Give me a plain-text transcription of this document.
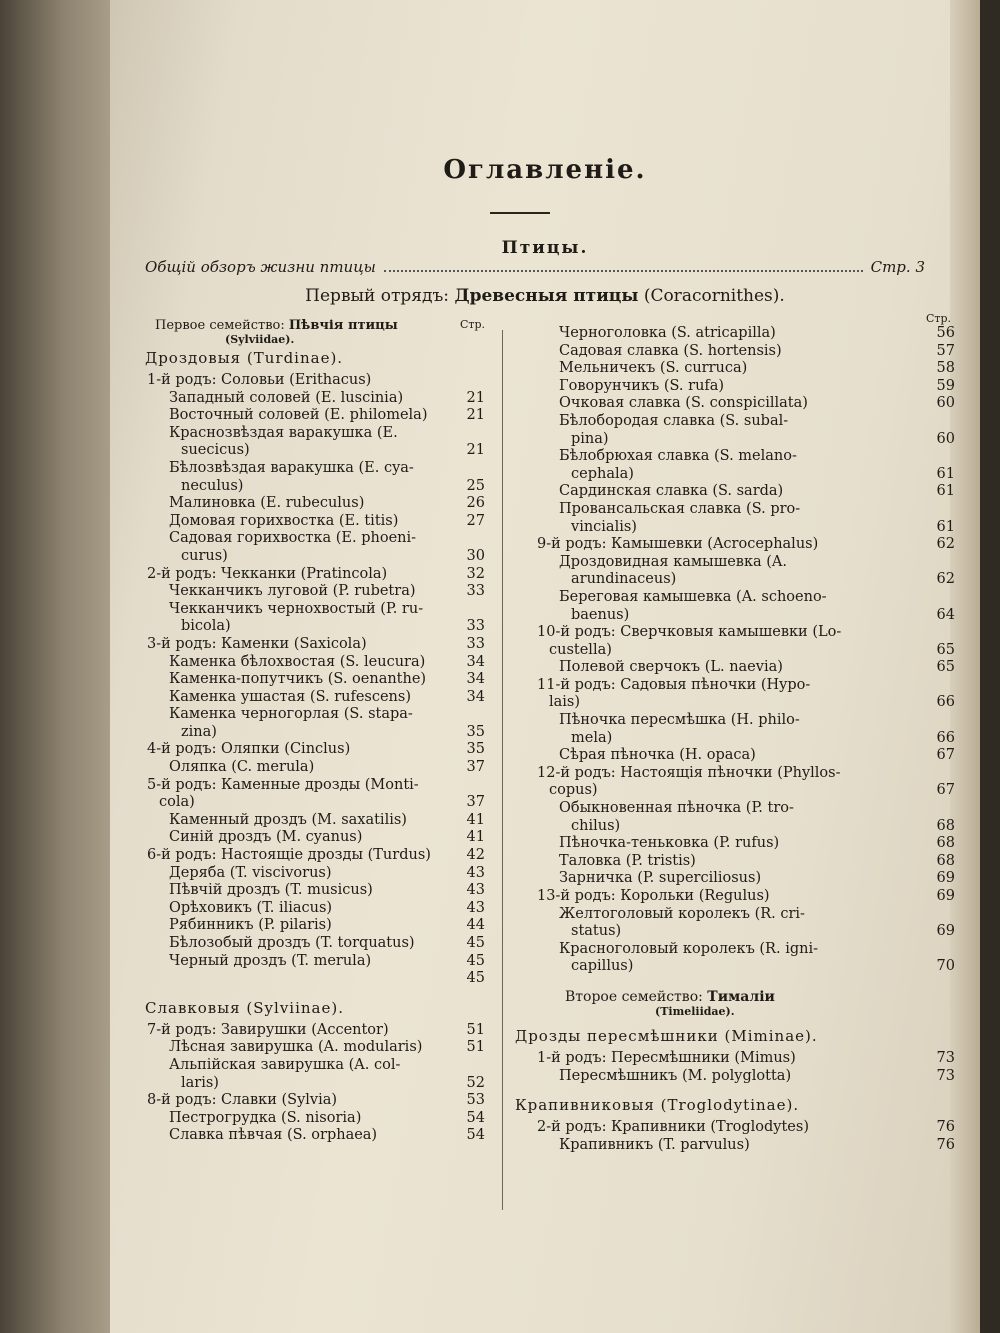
Оглавленіе.
Птицы.
Общій обзоръ жизни птицы	Стр. 3
Первый отрядъ: Древесныя птицы (Coracornithes).
Первое семейство: Пѣвчія птицы
(Sylviidae).
Стр.
Дроздовыя (Turdinae).
1-й родъ: Соловьи (Erithacus)
Западный соловей (E. luscinia)	21
Восточный соловей (E. philomela)	21
Краснозвѣздая варакушка (E.
suecicus)	21
Бѣлозвѣздая варакушка (E. cya-
neculus)	25
Малиновка (E. rubeculus)	26
Домовая горихвостка (E. titis)	27
Садовая горихвостка (E. phoeni-
curus)	30
2-й родъ: Чекканки (Pratincola)	32
Чекканчикъ луговой (P. rubetra)	33
Чекканчикъ чернохвостый (P. ru-
bicola)	33
3-й родъ: Каменки (Saxicola)	33
Каменка бѣлохвостая (S. leucura)	34
Каменка-попутчикъ (S. oenanthe)	34
Каменка ушастая (S. rufescens)	34
Каменка черногорлая (S. stapa-
zina)	35
4-й родъ: Оляпки (Cinclus)	35
Оляпка (C. merula)	37
5-й родъ: Каменные дрозды (Monti-
cola)	37
Каменный дроздъ (M. saxatilis)	41
Синій дроздъ (M. cyanus)	41
6-й родъ: Настоящіе дрозды (Turdus)	42
Деряба (T. viscivorus)	43
Пѣвчій дроздъ (T. musicus)	43
Орѣховикъ (T. iliacus)	43
Рябинникъ (P. pilaris)	44
Бѣлозобый дроздъ (T. torquatus)	45
Черный дроздъ (T. merula)	45
45
Славковыя (Sylviinae).
7-й родъ: Завирушки (Accentor)	51
Лѣсная завирушка (A. modularis)	51
Альпійская завирушка (A. col-
laris)	52
8-й родъ: Славки (Sylvia)	53
Пестрогрудка (S. nisoria)	54
Славка пѣвчая (S. orphaea)	54
Стр.
Черноголовка (S. atricapilla)	56
Садовая славка (S. hortensis)	57
Мельничекъ (S. curruca)	58
Говорунчикъ (S. rufa)	59
Очковая славка (S. conspicillata)	60
Бѣлобородая славка (S. subal-
pina)	60
Бѣлобрюхая славка (S. melano-
cephala)	61
Сардинская славка (S. sarda)	61
Провансальская славка (S. pro-
vincialis)	61
9-й родъ: Камышевки (Acrocephalus)	62
Дроздовидная камышевка (A.
arundinaceus)	62
Береговая камышевка (A. schoeno-
baenus)	64
10-й родъ: Сверчковыя камышевки (Lo-
custella)	65
Полевой сверчокъ (L. naevia)	65
11-й родъ: Садовыя пѣночки (Hypo-
lais)	66
Пѣночка пересмѣшка (H. philo-
mela)	66
Сѣрая пѣночка (H. opaca)	67
12-й родъ: Настоящія пѣночки (Phyllos-
copus)	67
Обыкновенная пѣночка (P. tro-
chilus)	68
Пѣночка-теньковка (P. rufus)	68
Таловка (P. tristis)	68
Зарничка (P. superciliosus)	69
13-й родъ: Корольки (Regulus)	69
Желтоголовый королекъ (R. cri-
status)	69
Красноголовый королекъ (R. igni-
capillus)	70
Второе семейство: Тималіи
(Timeliidae).
Дрозды пересмѣшники (Miminae).
1-й родъ: Пересмѣшники (Mimus)	73
Пересмѣшникъ (M. polyglotta)	73
Крапивниковыя (Troglodytinae).
2-й родъ: Крапивники (Troglodytes)	76
Крапивникъ (T. parvulus)	76
